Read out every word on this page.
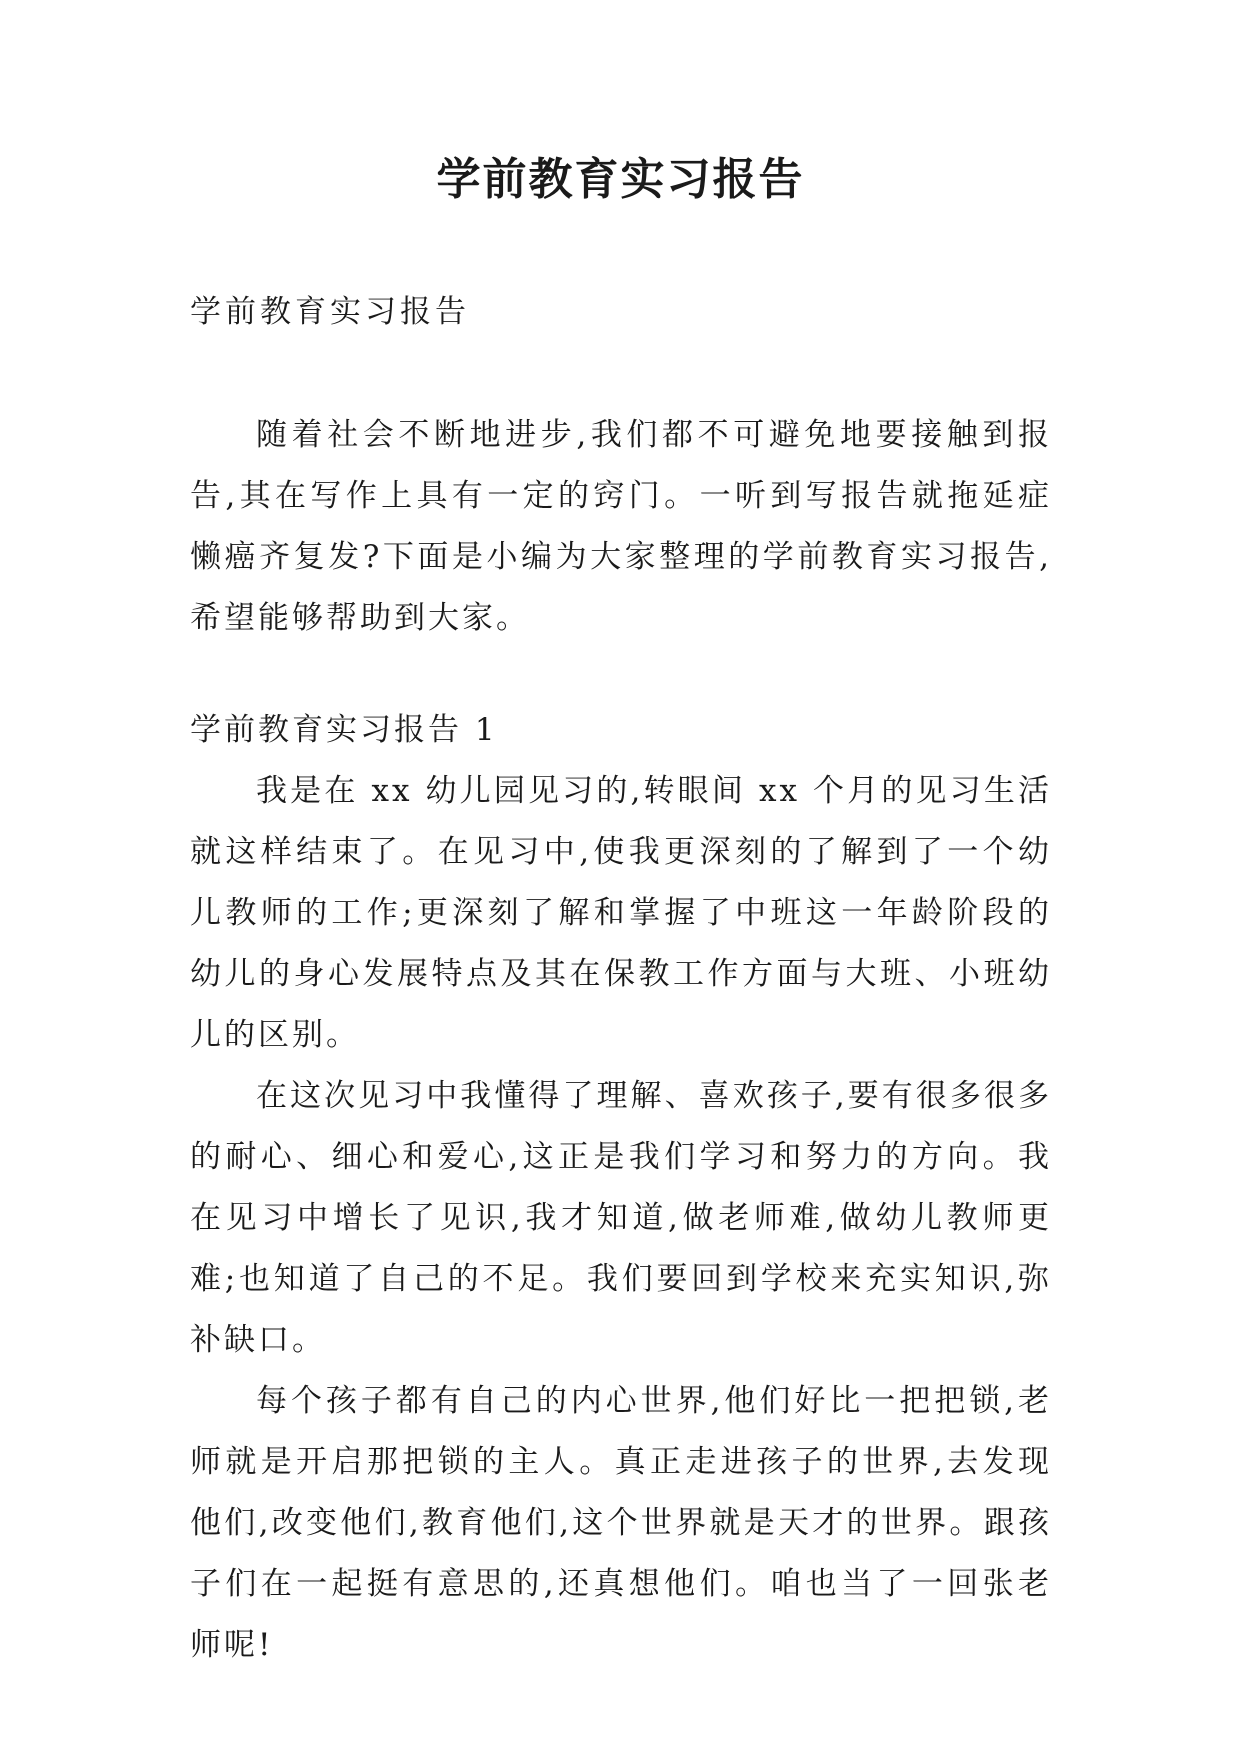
学前教育实习报告

学前教育实习报告

随着社会不断地进步,我们都不可避免地要接触到报告,其在写作上具有一定的窍门。一听到写报告就拖延症懒癌齐复发?下面是小编为大家整理的学前教育实习报告,希望能够帮助到大家。

学前教育实习报告 1

我是在 xx 幼儿园见习的,转眼间 xx 个月的见习生活就这样结束了。在见习中,使我更深刻的了解到了一个幼儿教师的工作;更深刻了解和掌握了中班这一年龄阶段的幼儿的身心发展特点及其在保教工作方面与大班、小班幼儿的区别。

在这次见习中我懂得了理解、喜欢孩子,要有很多很多的耐心、细心和爱心,这正是我们学习和努力的方向。我在见习中增长了见识,我才知道,做老师难,做幼儿教师更难;也知道了自己的不足。我们要回到学校来充实知识,弥补缺口。

每个孩子都有自己的内心世界,他们好比一把把锁,老师就是开启那把锁的主人。真正走进孩子的世界,去发现他们,改变他们,教育他们,这个世界就是天才的世界。跟孩子们在一起挺有意思的,还真想他们。咱也当了一回张老师呢!
